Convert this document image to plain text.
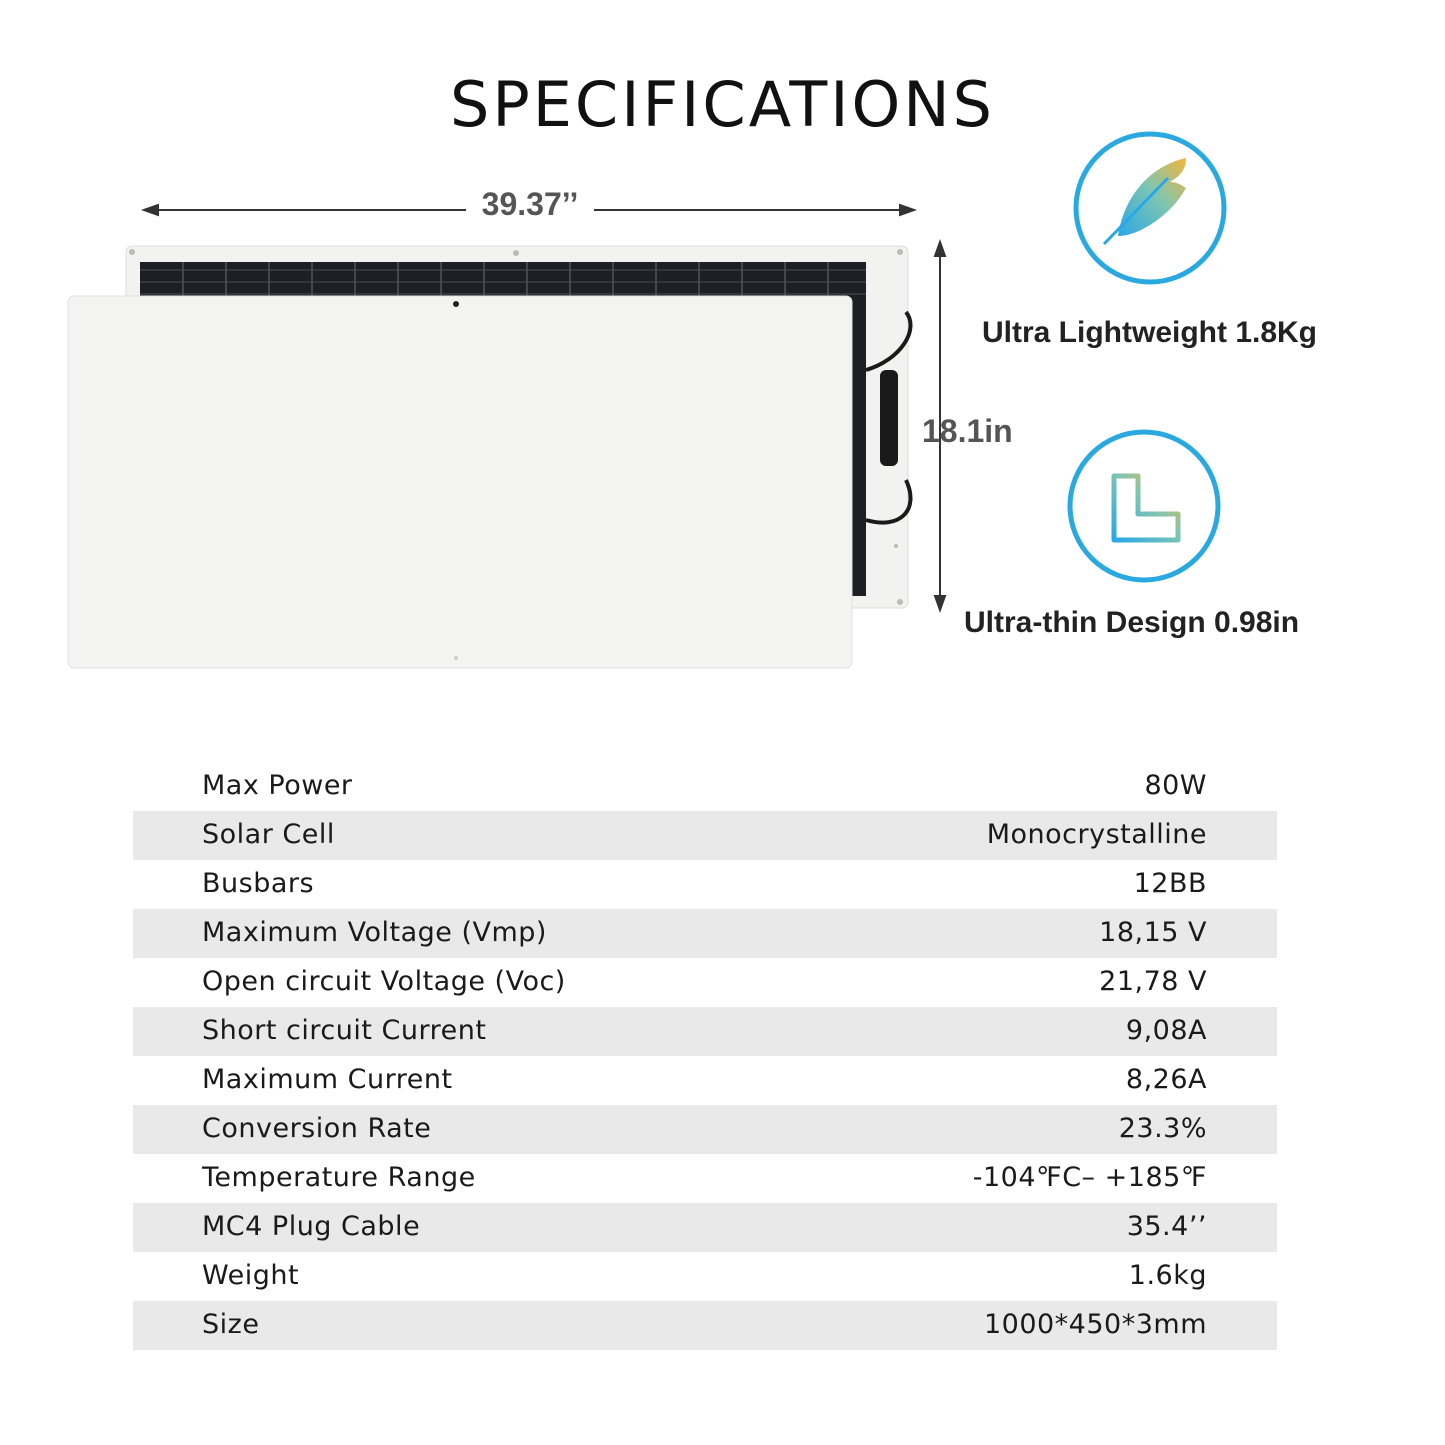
SPECIFICATIONS
39.37’’
18.1in
Ultra Lightweight 1.8Kg
Ultra-thin Design 0.98in
Max Power	80W
Solar Cell	Monocrystalline
Busbars	12BB
Maximum Voltage (Vmp)	18,15 V
Open circuit Voltage (Voc)	21,78 V
Short circuit Current	9,08A
Maximum Current	8,26A
Conversion Rate	23.3%
Temperature Range	-104℉C– +185℉
MC4 Plug Cable	35.4’’
Weight	1.6kg
Size	1000*450*3mm
